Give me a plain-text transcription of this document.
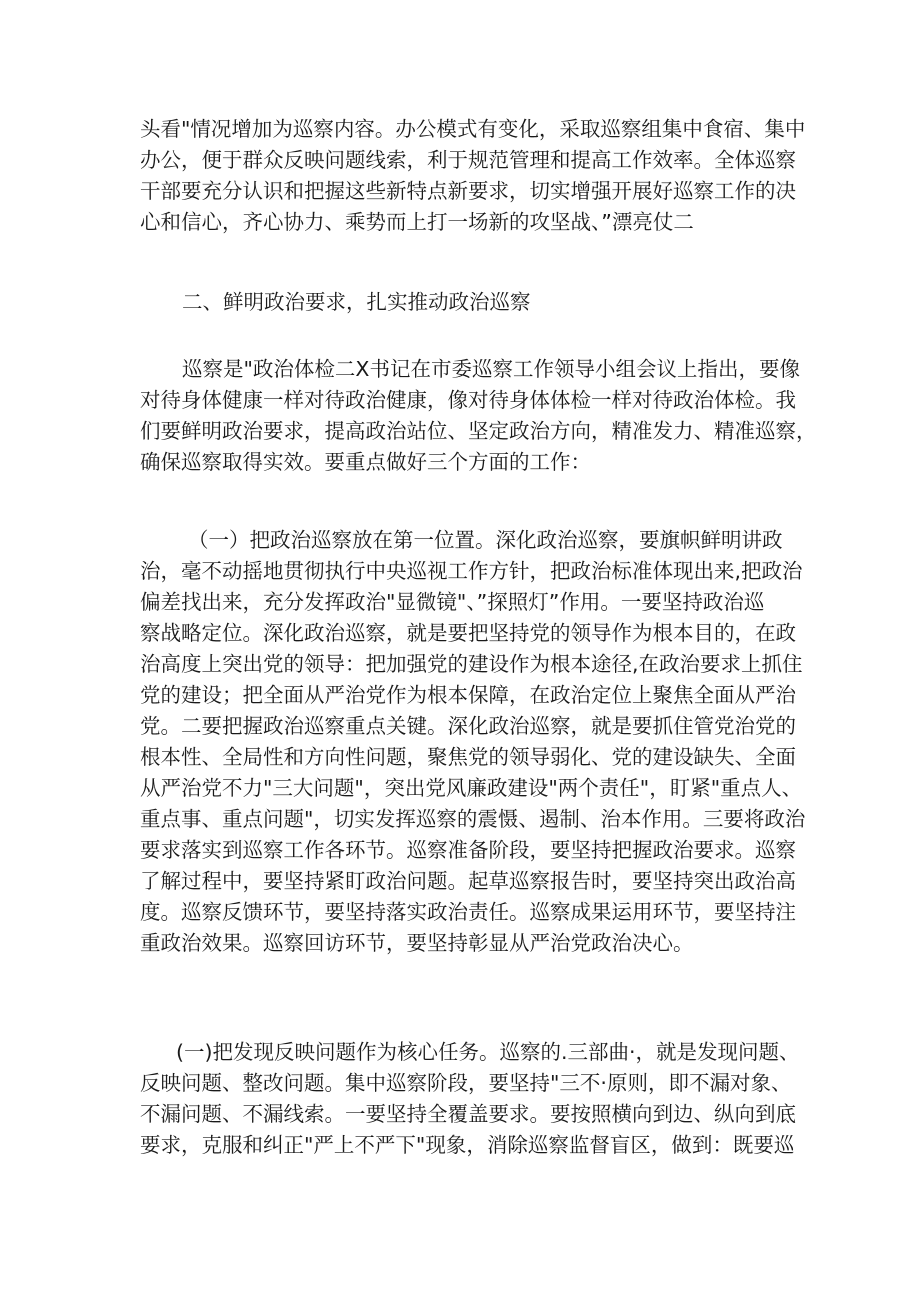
头看"情况增加为巡察内容。办公模式有变化，采取巡察组集中食宿、集中
办公，便于群众反映问题线索，利于规范管理和提高工作效率。全体巡察
干部要充分认识和把握这些新特点新要求，切实增强开展好巡察工作的决
心和信心，齐心协力、乘势而上打一场新的攻坚战、”漂亮仗二
二、鲜明政治要求，扎实推动政治巡察
巡察是"政治体检二X书记在市委巡察工作领导小组会议上指出，要像
对待身体健康一样对待政治健康，像对待身体体检一样对待政治体检。我
们要鲜明政治要求，提高政治站位、坚定政治方向，精准发力、精准巡察，
确保巡察取得实效。要重点做好三个方面的工作：
（一）把政治巡察放在第一位置。深化政治巡察，要旗帜鲜明讲政
治，毫不动摇地贯彻执行中央巡视工作方针，把政治标准体现出来,把政治
偏差找出来，充分发挥政治"显微镜"、”探照灯”作用。一要坚持政治巡
察战略定位。深化政治巡察，就是要把坚持党的领导作为根本目的，在政
治高度上突出党的领导：把加强党的建设作为根本途径,在政治要求上抓住
党的建设；把全面从严治党作为根本保障，在政治定位上聚焦全面从严治
党。二要把握政治巡察重点关键。深化政治巡察，就是要抓住管党治党的
根本性、全局性和方向性问题，聚焦党的领导弱化、党的建设缺失、全面
从严治党不力"三大问题"，突出党风廉政建设"两个责任"，盯紧"重点人、
重点事、重点问题"，切实发挥巡察的震慑、遏制、治本作用。三要将政治
要求落实到巡察工作各环节。巡察准备阶段，要坚持把握政治要求。巡察
了解过程中，要坚持紧盯政治问题。起草巡察报告时，要坚持突出政治高
度。巡察反馈环节，要坚持落实政治责任。巡察成果运用环节，要坚持注
重政治效果。巡察回访环节，要坚持彰显从严治党政治决心。
(一)把发现反映问题作为核心任务。巡察的.三部曲·，就是发现问题、
反映问题、整改问题。集中巡察阶段，要坚持"三不·原则，即不漏对象、
不漏问题、不漏线索。一要坚持全覆盖要求。要按照横向到边、纵向到底
要求，克服和纠正"严上不严下"现象，消除巡察监督盲区，做到：既要巡
